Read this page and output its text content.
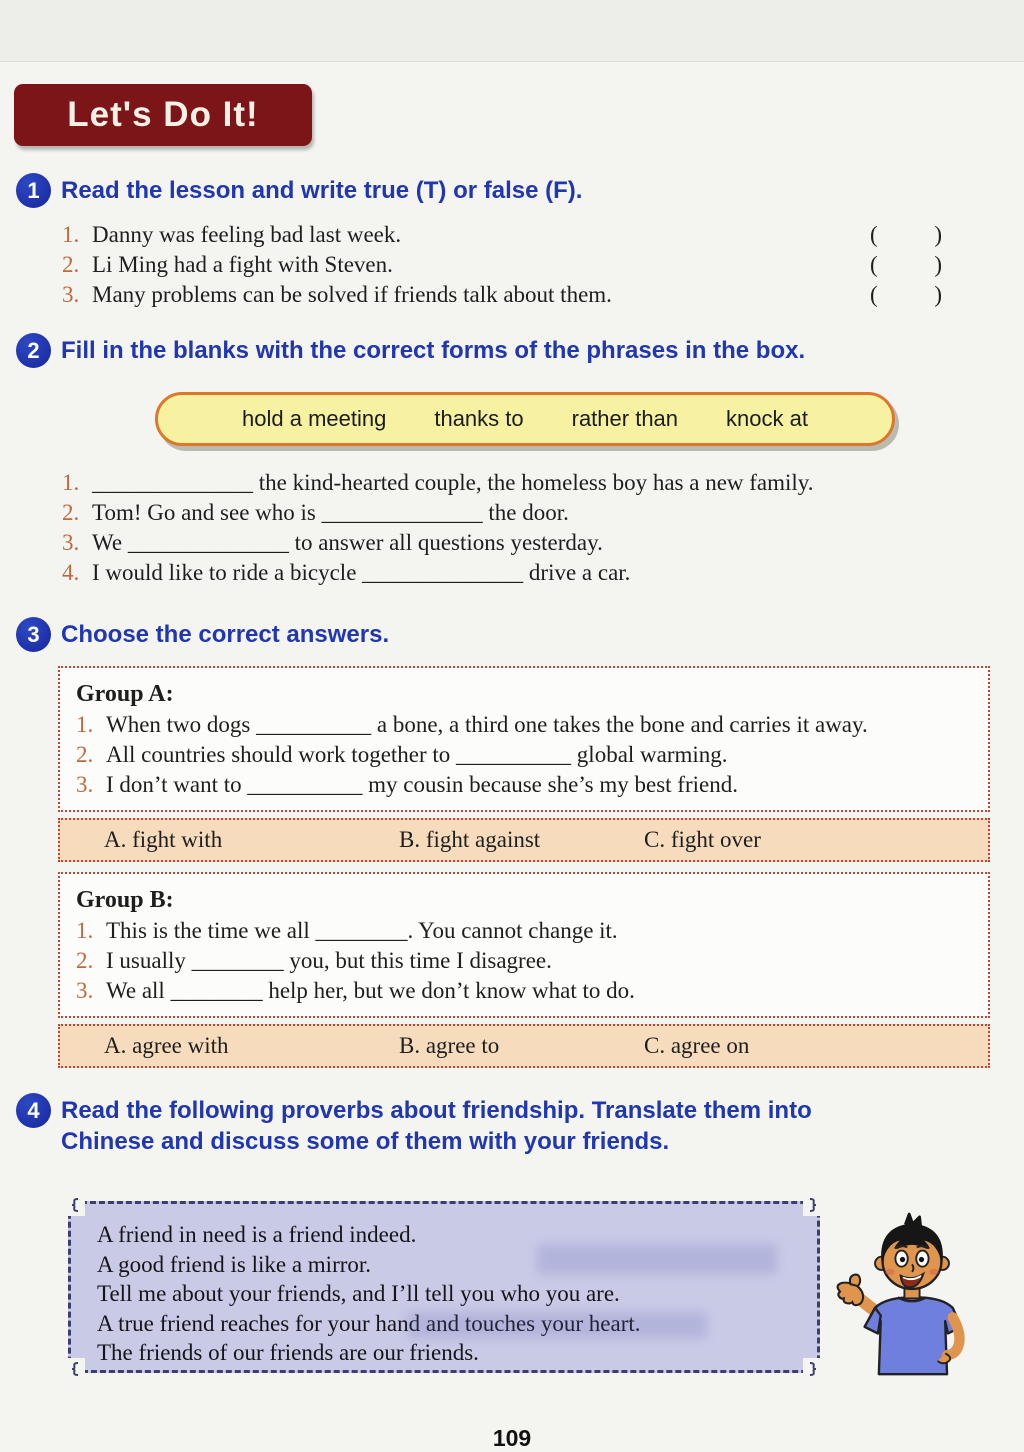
Let's Do It!
1 Read the lesson and write true (T) or false (F).
1. Danny was feeling bad last week.	( )
2. Li Ming had a fight with Steven.	( )
3. Many problems can be solved if friends talk about them.	( )
2 Fill in the blanks with the correct forms of the phrases in the box.
hold a meeting thanks to rather than knock at
1. ______________ the kind-hearted couple, the homeless boy has a new family.
2. Tom! Go and see who is ______________ the door.
3. We ______________ to answer all questions yesterday.
4. I would like to ride a bicycle ______________ drive a car.
3 Choose the correct answers.
Group A:
1. When two dogs __________ a bone, a third one takes the bone and carries it away.
2. All countries should work together to __________ global warming.
3. I don’t want to __________ my cousin because she’s my best friend.
A. fight with	B. fight against	C. fight over
Group B:
1. This is the time we all ________. You cannot change it.
2. I usually ________ you, but this time I disagree.
3. We all ________ help her, but we don’t know what to do.
A. agree with	B. agree to	C. agree on
4 Read the following proverbs about friendship. Translate them into
Chinese and discuss some of them with your friends.
A friend in need is a friend indeed.
A good friend is like a mirror.
Tell me about your friends, and I’ll tell you who you are.
A true friend reaches for your hand and touches your heart.
The friends of our friends are our friends.
109
